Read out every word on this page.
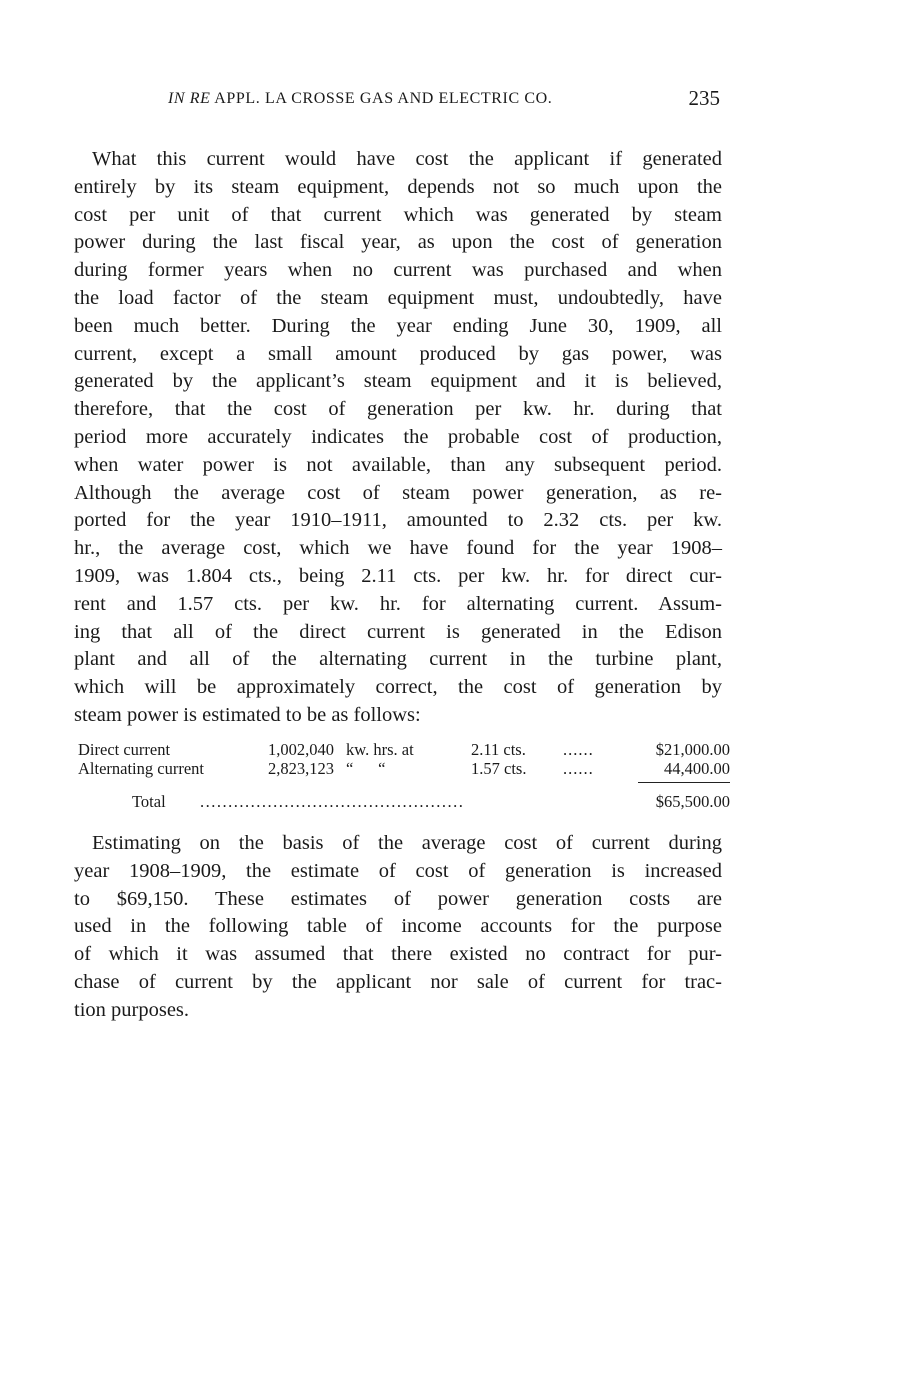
IN RE APPL. LA CROSSE GAS AND ELECTRIC CO.	235
What this current would have cost the applicant if generated
entirely by its steam equipment, depends not so much upon the
cost per unit of that current which was generated by steam
power during the last fiscal year, as upon the cost of generation
during former years when no current was purchased and when
the load factor of the steam equipment must, undoubtedly, have
been much better. During the year ending June 30, 1909, all
current, except a small amount produced by gas power, was
generated by the applicant’s steam equipment and it is believed,
therefore, that the cost of generation per kw. hr. during that
period more accurately indicates the probable cost of production,
when water power is not available, than any subsequent period.
Although the average cost of steam power generation, as re-
ported for the year 1910–1911, amounted to 2.32 cts. per kw.
hr., the average cost, which we have found for the year 1908–
1909, was 1.804 cts., being 2.11 cts. per kw. hr. for direct cur-
rent and 1.57 cts. per kw. hr. for alternating current. Assum-
ing that all of the direct current is generated in the Edison
plant and all of the alternating current in the turbine plant,
which will be approximately correct, the cost of generation by
steam power is estimated to be as follows:
Direct current	1,002,040 kw. hrs. at	2.11 cts. ......	$21,000.00
Alternating current	2,823,123 “      “	1.57 cts. ......	44,400.00
Total ...............................................	$65,500.00
Estimating on the basis of the average cost of current during
year 1908–1909, the estimate of cost of generation is increased
to $69,150. These estimates of power generation costs are
used in the following table of income accounts for the purpose
of which it was assumed that there existed no contract for pur-
chase of current by the applicant nor sale of current for trac-
tion purposes.
